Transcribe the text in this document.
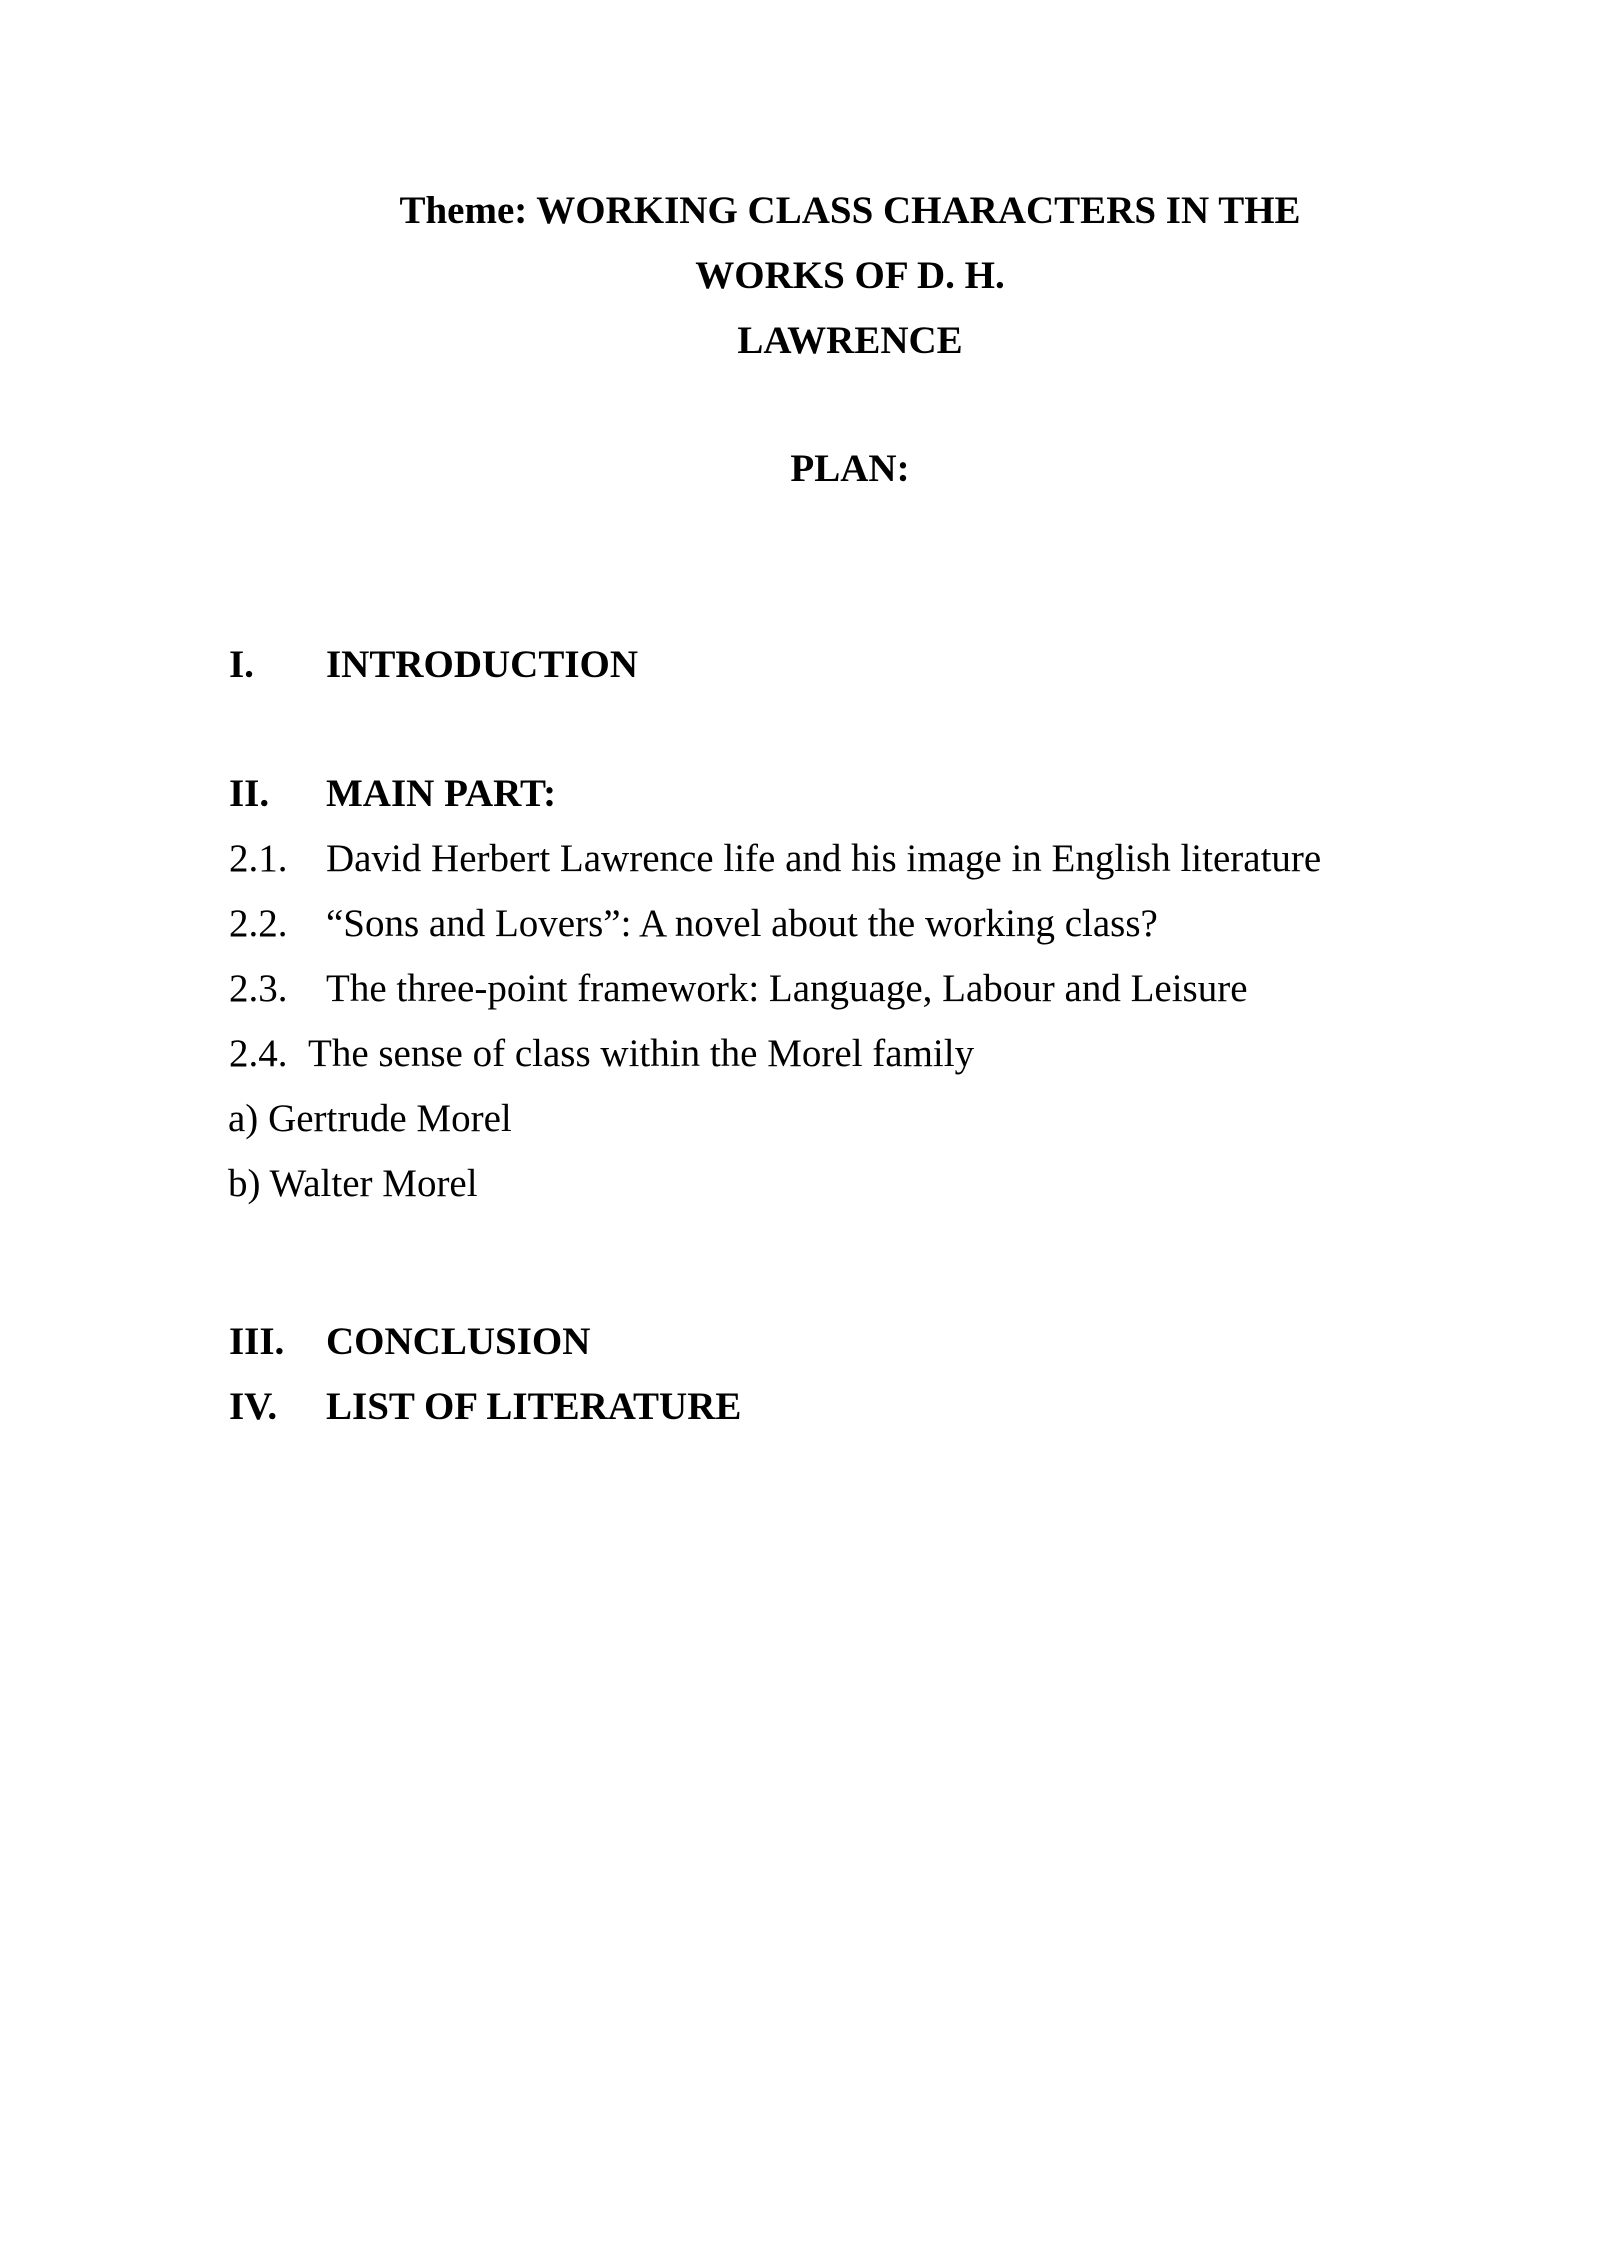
Theme: WORKING CLASS CHARACTERS IN THE WORKS OF D. H.
LAWRENCE
PLAN:
I. INTRODUCTION
II. MAIN PART:
2.1. David Herbert Lawrence life and his image in English literature
2.2. “Sons and Lovers”: A novel about the working class?
2.3. The three-point framework: Language, Labour and Leisure
2.4. The sense of class within the Morel family
a) Gertrude Morel
b) Walter Morel
III. CONCLUSION
IV. LIST OF LITERATURE
